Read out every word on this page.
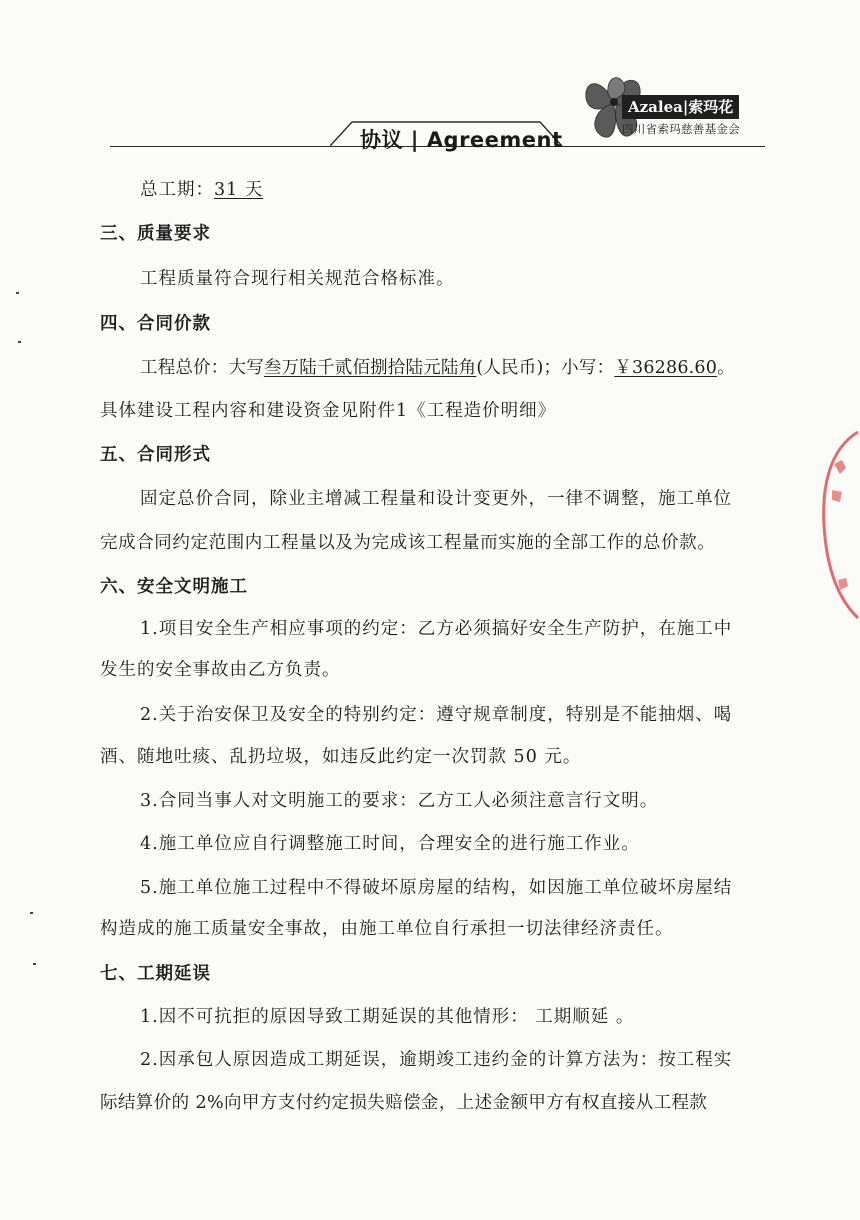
协议 | Agreement
Azalea|索玛花
四川省索玛慈善基金会
总工期：31 天
三、质量要求
工程质量符合现行相关规范合格标准。
四、合同价款
工程总价：大写叁万陆千贰佰捌拾陆元陆角(人民币)；小写：￥36286.60。
具体建设工程内容和建设资金见附件1《工程造价明细》
五、合同形式
固定总价合同，除业主增减工程量和设计变更外，一律不调整，施工单位
完成合同约定范围内工程量以及为完成该工程量而实施的全部工作的总价款。
六、安全文明施工
1.项目安全生产相应事项的约定：乙方必须搞好安全生产防护，在施工中
发生的安全事故由乙方负责。
2.关于治安保卫及安全的特别约定：遵守规章制度，特别是不能抽烟、喝
酒、随地吐痰、乱扔垃圾，如违反此约定一次罚款 50 元。
3.合同当事人对文明施工的要求：乙方工人必须注意言行文明。
4.施工单位应自行调整施工时间，合理安全的进行施工作业。
5.施工单位施工过程中不得破坏原房屋的结构，如因施工单位破坏房屋结
构造成的施工质量安全事故，由施工单位自行承担一切法律经济责任。
七、工期延误
1.因不可抗拒的原因导致工期延误的其他情形： 工期顺延 。
2.因承包人原因造成工期延误，逾期竣工违约金的计算方法为：按工程实
际结算价的 2%向甲方支付约定损失赔偿金，上述金额甲方有权直接从工程款
